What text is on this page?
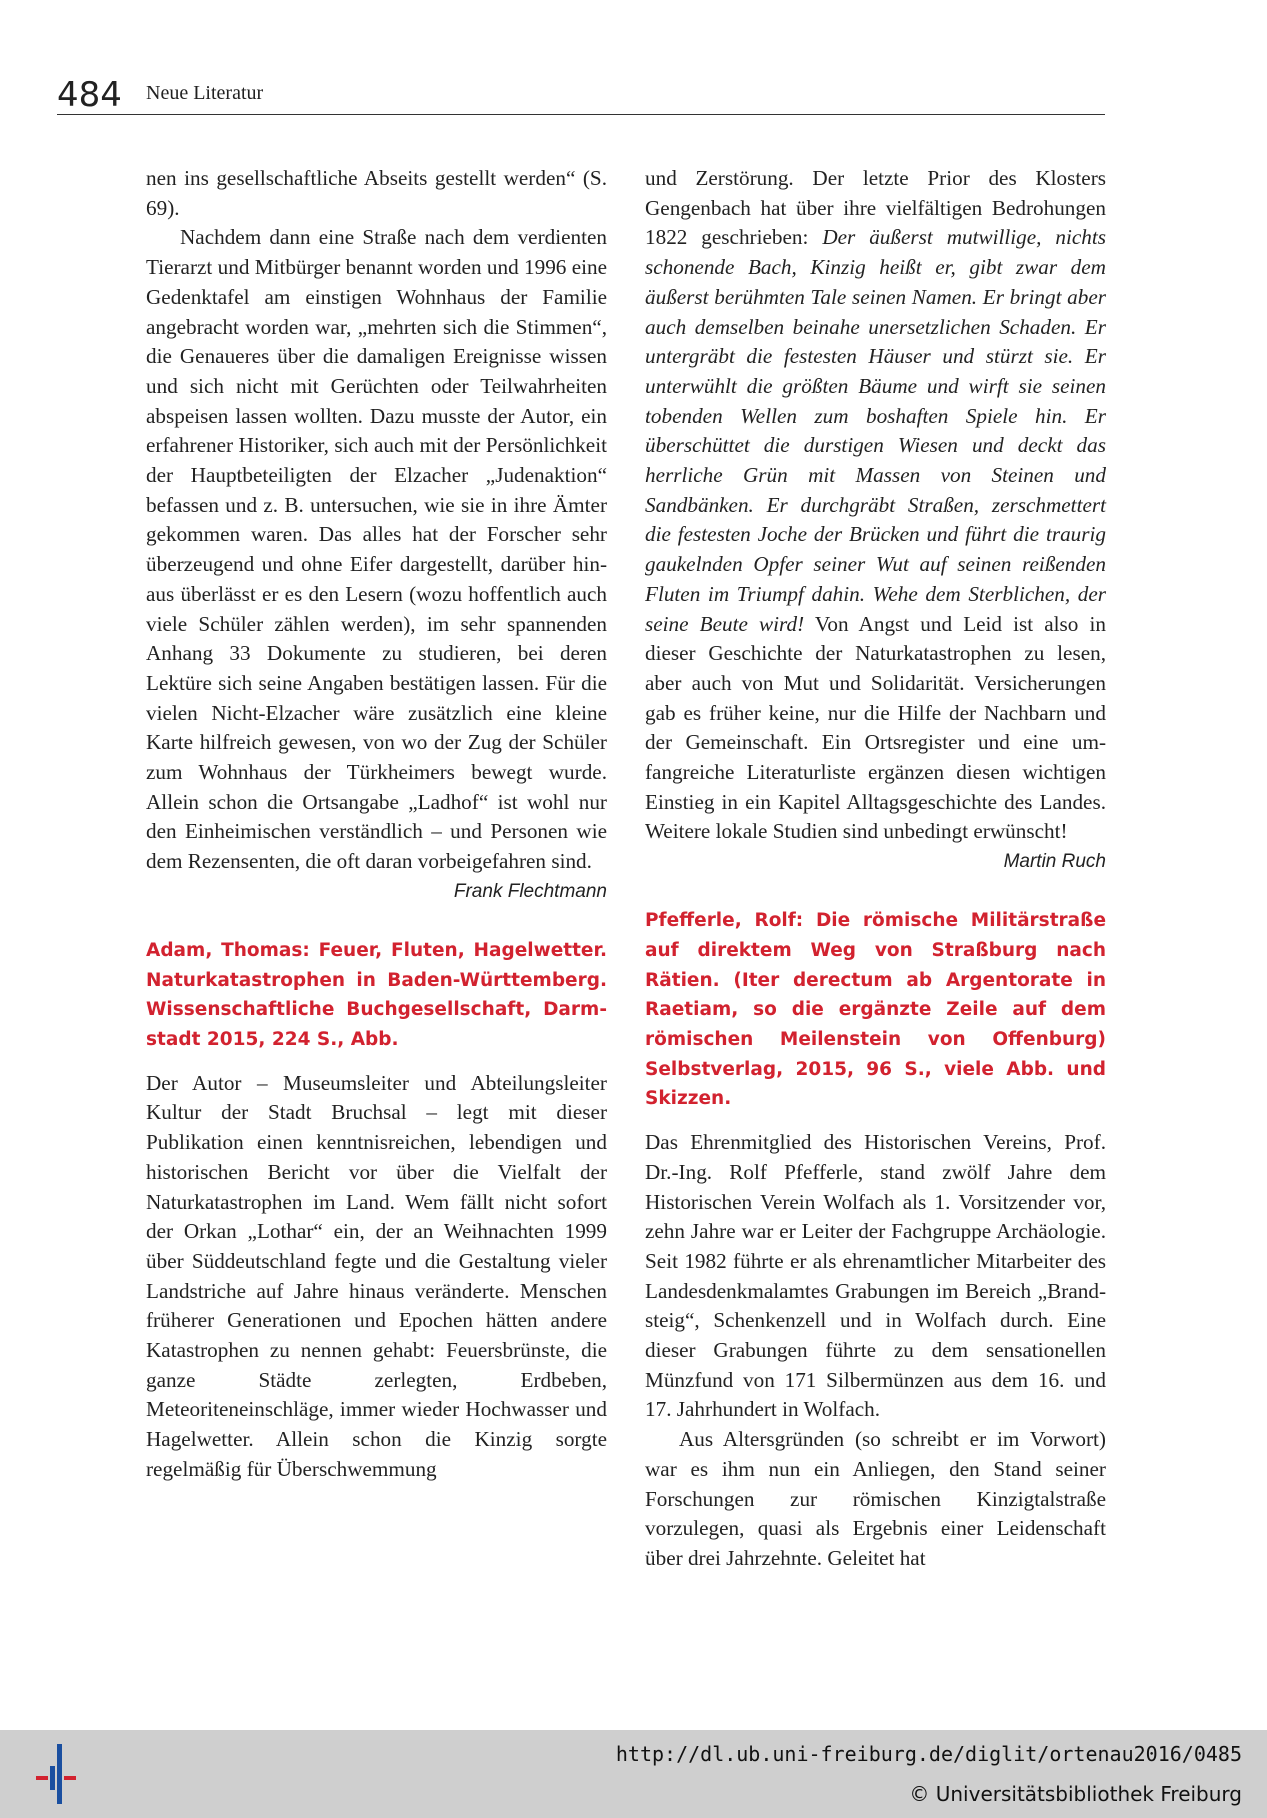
484 Neue Literatur

nen ins gesellschaftliche Abseits gestellt werden“ (S. 69).

Nachdem dann eine Straße nach dem verdienten Tierarzt und Mitbürger benannt worden und 1996 eine Gedenktafel am einstigen Wohnhaus der Familie angebracht worden war, „mehrten sich die Stimmen“, die Genaueres über die damaligen Ereignisse wissen und sich nicht mit Gerüchten oder Teilwahrheiten abspeisen lassen wollten. Dazu musste der Autor, ein erfahrener Historiker, sich auch mit der Persönlichkeit der Hauptbeteiligten der Elzacher „Judenaktion“ befassen und z. B. untersuchen, wie sie in ihre Ämter gekommen waren. Das alles hat der Forscher sehr überzeugend und ohne Eifer dargestellt, darüber hinaus überlässt er es den Lesern (wozu hoffentlich auch viele Schüler zählen werden), im sehr spannenden Anhang 33 Dokumente zu studieren, bei deren Lektüre sich seine Angaben bestätigen lassen. Für die vielen Nicht-Elzacher wäre zusätzlich eine kleine Karte hilfreich gewesen, von wo der Zug der Schüler zum Wohnhaus der Türkheimers bewegt wurde. Allein schon die Ortsangabe „Ladhof“ ist wohl nur den Einheimischen verständlich – und Personen wie dem Rezensenten, die oft daran vorbeigefahren sind.
Frank Flechtmann

Adam, Thomas: Feuer, Fluten, Hagelwetter. Naturkatastrophen in Baden-Württemberg. Wissenschaftliche Buchgesellschaft, Darmstadt 2015, 224 S., Abb.

Der Autor – Museumsleiter und Abteilungsleiter Kultur der Stadt Bruchsal – legt mit dieser Publikation einen kenntnisreichen, lebendigen und historischen Bericht vor über die Vielfalt der Naturkatastrophen im Land. Wem fällt nicht sofort der Orkan „Lothar“ ein, der an Weihnachten 1999 über Süddeutschland fegte und die Gestaltung vieler Landstriche auf Jahre hinaus veränderte. Menschen früherer Generationen und Epochen hätten andere Katastrophen zu nennen gehabt: Feuersbrünste, die ganze Städte zerlegten, Erdbeben, Meteoriteneinschläge, immer wieder Hochwasser und Hagelwetter. Allein schon die Kinzig sorgte regelmäßig für Überschwemmung

und Zerstörung. Der letzte Prior des Klosters Gengenbach hat über ihre vielfältigen Bedrohungen 1822 geschrieben: Der äußerst mutwillige, nichts schonende Bach, Kinzig heißt er, gibt zwar dem äußerst berühmten Tale seinen Namen. Er bringt aber auch demselben beinahe unersetzlichen Schaden. Er untergräbt die festesten Häuser und stürzt sie. Er unterwühlt die größten Bäume und wirft sie seinen tobenden Wellen zum boshaften Spiele hin. Er überschüttet die durstigen Wiesen und deckt das herrliche Grün mit Massen von Steinen und Sandbänken. Er durchgräbt Straßen, zerschmettert die festesten Joche der Brücken und führt die traurig gaukelnden Opfer seiner Wut auf seinen reißenden Fluten im Triumpf dahin. Wehe dem Sterblichen, der seine Beute wird! Von Angst und Leid ist also in dieser Geschichte der Naturkatastrophen zu lesen, aber auch von Mut und Solidarität. Versicherungen gab es früher keine, nur die Hilfe der Nachbarn und der Gemeinschaft. Ein Ortsregister und eine umfangreiche Literaturliste ergänzen diesen wichtigen Einstieg in ein Kapitel Alltagsgeschichte des Landes. Weitere lokale Studien sind unbedingt erwünscht!
Martin Ruch

Pfefferle, Rolf: Die römische Militärstraße auf direktem Weg von Straßburg nach Rätien. (Iter derectum ab Argentorate in Raetiam, so die ergänzte Zeile auf dem römischen Meilenstein von Offenburg) Selbstverlag, 2015, 96 S., viele Abb. und Skizzen.

Das Ehrenmitglied des Historischen Vereins, Prof. Dr.-Ing. Rolf Pfefferle, stand zwölf Jahre dem Historischen Verein Wolfach als 1. Vorsitzender vor, zehn Jahre war er Leiter der Fachgruppe Archäologie. Seit 1982 führte er als ehrenamtlicher Mitarbeiter des Landesdenkmalamtes Grabungen im Bereich „Brandsteig“, Schenkenzell und in Wolfach durch. Eine dieser Grabungen führte zu dem sensationellen Münzfund von 171 Silbermünzen aus dem 16. und 17. Jahrhundert in Wolfach.

Aus Altersgründen (so schreibt er im Vorwort) war es ihm nun ein Anliegen, den Stand seiner Forschungen zur römischen Kinzigtalstraße vorzulegen, quasi als Ergebnis einer Leidenschaft über drei Jahrzehnte. Geleitet hat

http://dl.ub.uni-freiburg.de/diglit/ortenau2016/0485
© Universitätsbibliothek Freiburg
